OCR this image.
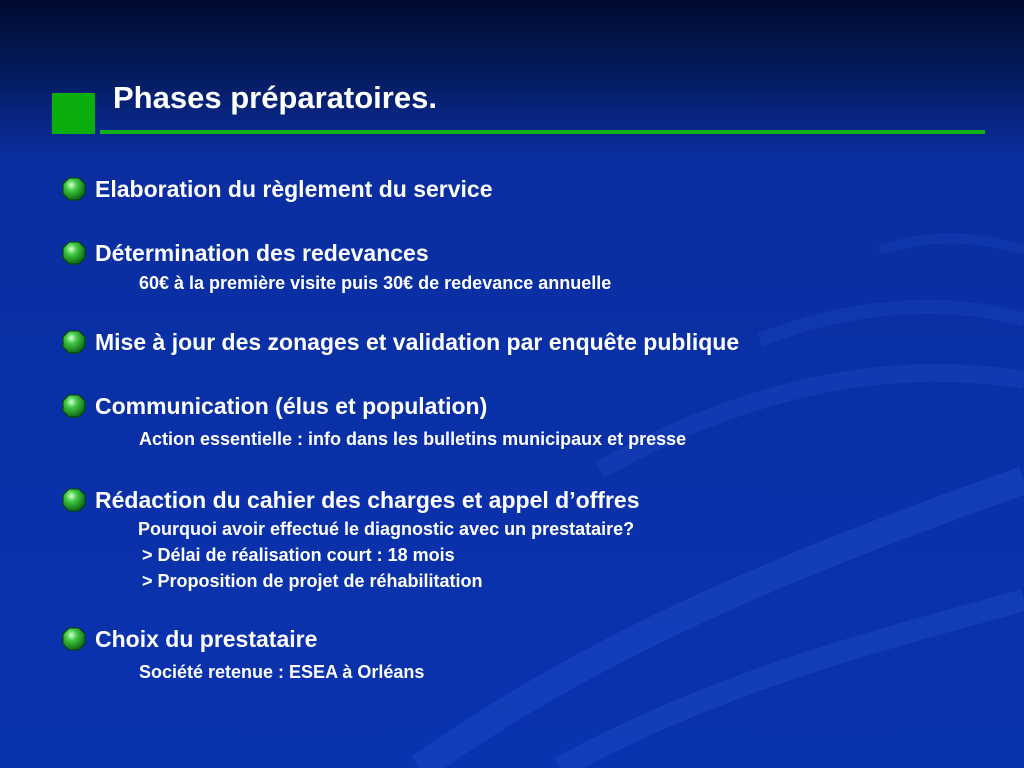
Phases préparatoires.
Elaboration du règlement du service
Détermination des redevances
60€ à la première visite puis 30€ de redevance annuelle
Mise à jour des zonages et validation par enquête publique
Communication (élus et population)
Action essentielle : info dans les bulletins municipaux et presse
Rédaction du cahier des charges et appel d’offres
Pourquoi avoir effectué le diagnostic avec un prestataire?
> Délai de réalisation court : 18 mois
> Proposition de projet de réhabilitation
Choix du prestataire
Société retenue : ESEA à Orléans
